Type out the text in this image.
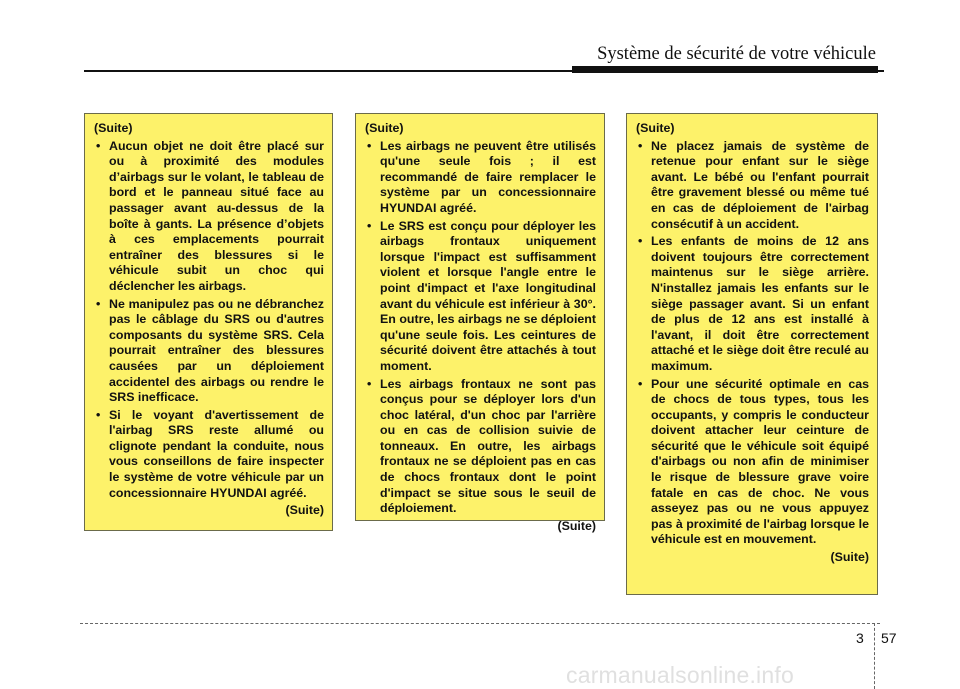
Système de sécurité de votre véhicule
(Suite)
• Aucun objet ne doit être placé sur ou à proximité des modules d’airbags sur le volant, le tableau de bord et le panneau situé face au passager avant au-dessus de la boîte à gants. La présence d’objets à ces emplacements pourrait entraîner des blessures si le véhicule subit un choc qui déclencher les airbags.
• Ne manipulez pas ou ne débranchez pas le câblage du SRS ou d'autres composants du système SRS. Cela pourrait entraîner des blessures causées par un déploiement accidentel des airbags ou rendre le SRS inefficace.
• Si le voyant d'avertissement de l'airbag SRS reste allumé ou clignote pendant la conduite, nous vous conseillons de faire inspecter le système de votre véhicule par un concessionnaire HYUNDAI agréé.
(Suite)
(Suite)
• Les airbags ne peuvent être utilisés qu'une seule fois ; il est recommandé de faire remplacer le système par un concessionnaire HYUNDAI agréé.
• Le SRS est conçu pour déployer les airbags frontaux uniquement lorsque l'impact est suffisamment violent et lorsque l'angle entre le point d'impact et l'axe longitudinal avant du véhicule est inférieur à 30°. En outre, les airbags ne se déploient qu'une seule fois. Les ceintures de sécurité doivent être attachés à tout moment.
• Les airbags frontaux ne sont pas conçus pour se déployer lors d'un choc latéral, d'un choc par l'arrière ou en cas de collision suivie de tonneaux. En outre, les airbags frontaux ne se déploient pas en cas de chocs frontaux dont le point d'impact se situe sous le seuil de déploiement.
(Suite)
(Suite)
• Ne placez jamais de système de retenue pour enfant sur le siège avant. Le bébé ou l'enfant pourrait être gravement blessé ou même tué en cas de déploiement de l'airbag consécutif à un accident.
• Les enfants de moins de 12 ans doivent toujours être correctement maintenus sur le siège arrière. N'installez jamais les enfants sur le siège passager avant. Si un enfant de plus de 12 ans est installé à l'avant, il doit être correctement attaché et le siège doit être reculé au maximum.
• Pour une sécurité optimale en cas de chocs de tous types, tous les occupants, y compris le conducteur doivent attacher leur ceinture de sécurité que le véhicule soit équipé d'airbags ou non afin de minimiser le risque de blessure grave voire fatale en cas de choc. Ne vous asseyez pas ou ne vous appuyez pas à proximité de l'airbag lorsque le véhicule est en mouvement.
(Suite)
3 57
carmanualsonline.info
